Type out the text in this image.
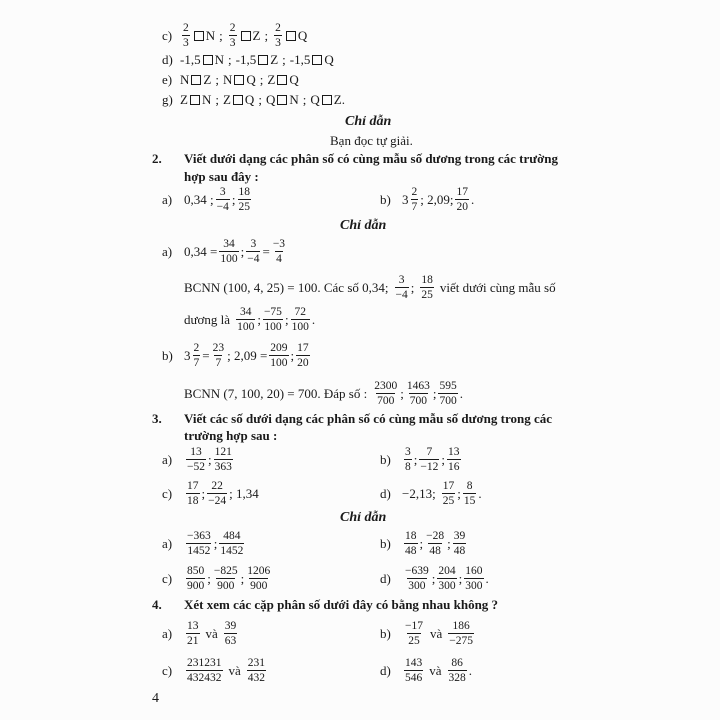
$c) \frac{2}{3}$ N ; $\frac{2}{3}$ Z ; $\frac{2}{3}$ Q
d) -1,5 N ; -1,5 Z ; -1,5 Q
e) N Z ; N Q ; Z Q
g) Z N ; Z Q ; Q N ; Q Z .
Chỉ dẫn
Bạn đọc tự giải.
2.	Viết dưới dạng các phân số có cùng mẫu số dương trong các trường
hợp sau đây :
a) 0,34 ; $\frac{3}{-4}$ ; $\frac{18}{25}$	b) $3 \frac{2}{7}$ ; 2,09; $\frac{17}{20}$ .
Chỉ dẫn
a) $0,34 = \frac{34}{100}$ ; $\frac{3}{-4} = \frac{-3}{4}$
BCNN (100, 4, 25) = 100. Các số 0,34; $\frac{3}{-4}$ ; $\frac{18}{25}$ viết dưới cùng mẫu số
dương là $\frac{34}{100}$ ; $\frac{-75}{100}$ ; $\frac{72}{100}$ .
b) $3 \frac{2}{7} = \frac{23}{7}$ ; $2,09 = \frac{209}{100}$ ; $\frac{17}{20}$
BCNN (7, 100, 20) = 700. Đáp số : $\frac{2300}{700}$ ; $\frac{1463}{700}$ ; $\frac{595}{700}$ .
3.	Viết các số dưới dạng các phân số có cùng mẫu số dương trong các
trường hợp sau :
a)	$\frac{13}{-52}$ ; $\frac{121}{363}$	b)	$\frac{3}{8}$ ; $\frac{7}{-12}$ ; $\frac{13}{16}$
c)	$\frac{17}{18}$ ; $\frac{22}{-24}$ ; 1,34	d) −2,13; $\frac{17}{25}$ ; $\frac{8}{15}$ .
Chỉ dẫn
a)	$\frac{-363}{1452}$ ; $\frac{484}{1452}$	b)	$\frac{18}{48}$ ; $\frac{-28}{48}$ ; $\frac{39}{48}$
c)	$\frac{850}{900}$ ; $\frac{-825}{900}$ ; $\frac{1206}{900}$	d)	$\frac{-639}{300}$ ; $\frac{204}{300}$ ; $\frac{160}{300}$ .
4.	Xét xem các cặp phân số dưới đây có bằng nhau không ?
a)	$\frac{13}{21}$ và $\frac{39}{63}$	b)	$\frac{-17}{25}$ và $\frac{186}{-275}$
c)	$\frac{231231}{432432}$ và $\frac{231}{432}$	d)	$\frac{143}{546}$ và $\frac{86}{328}$ .
4
